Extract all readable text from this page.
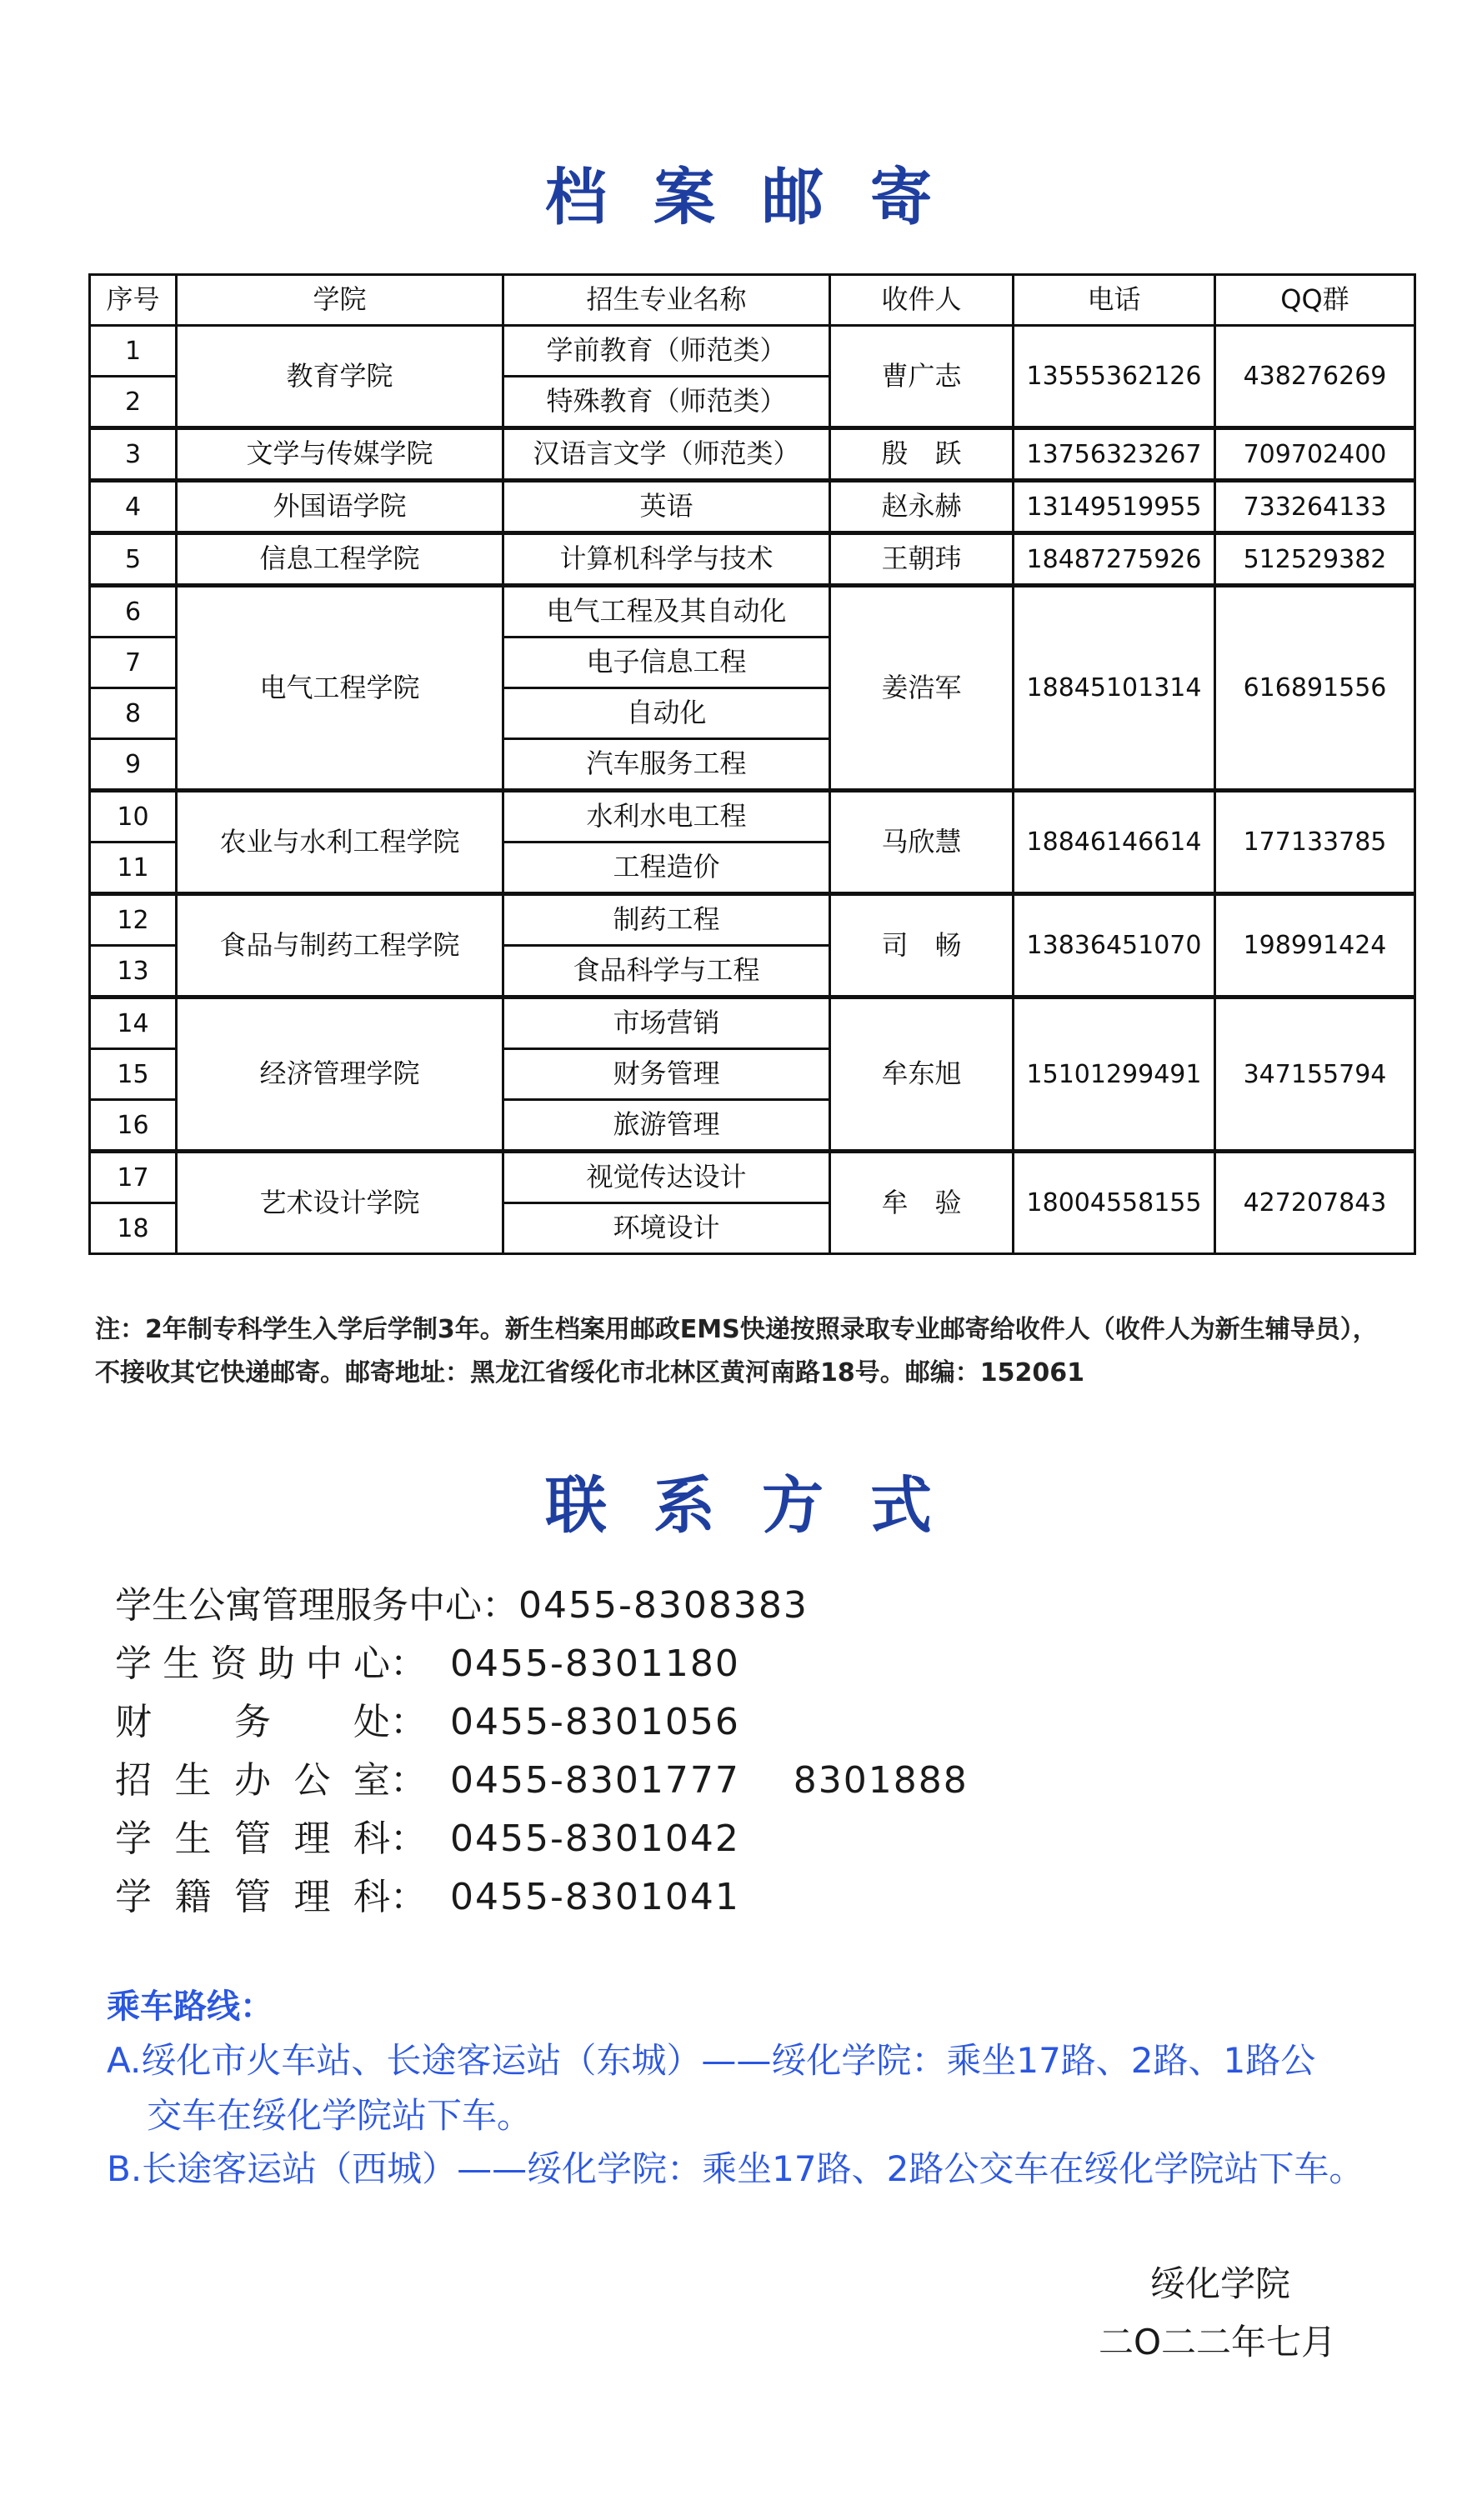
档案邮寄
序号	学院	招生专业名称	收件人	电话	QQ群
1	教育学院	学前教育（师范类）	曹广志	13555362126	438276269
2		特殊教育（师范类）			
3	文学与传媒学院	汉语言文学（师范类）	殷　跃	13756323267	709702400
4	外国语学院	英语	赵永赫	13149519955	733264133
5	信息工程学院	计算机科学与技术	王朝玮	18487275926	512529382
6	电气工程学院	电气工程及其自动化	姜浩军	18845101314	616891556
7		电子信息工程			
8		自动化			
9		汽车服务工程			
10	农业与水利工程学院	水利水电工程	马欣慧	18846146614	177133785
11		工程造价			
12	食品与制药工程学院	制药工程	司　畅	13836451070	198991424
13		食品科学与工程			
14	经济管理学院	市场营销	牟东旭	15101299491	347155794
15		财务管理			
16		旅游管理			
17	艺术设计学院	视觉传达设计	牟　验	18004558155	427207843
18		环境设计			
注：2年制专科学生入学后学制3年。新生档案用邮政EMS快递按照录取专业邮寄给收件人（收件人为新生辅导员），不接收其它快递邮寄。邮寄地址：黑龙江省绥化市北林区黄河南路18号。邮编：152061
联系方式
学生公寓管理服务中心 ： 0455-8308383
学生资助中心 ： 0455-8301180
财务处 ： 0455-8301056
招生办公室 ： 0455-8301777    8301888
学生管理科 ： 0455-8301042
学籍管理科 ： 0455-8301041
乘车路线：
A.绥化市火车站、长途客运站（东城）——绥化学院：乘坐17路、2路、1路公
交车在绥化学院站下车。
B.长途客运站（西城）——绥化学院：乘坐17路、2路公交车在绥化学院站下车。
绥化学院
二O二二年七月
